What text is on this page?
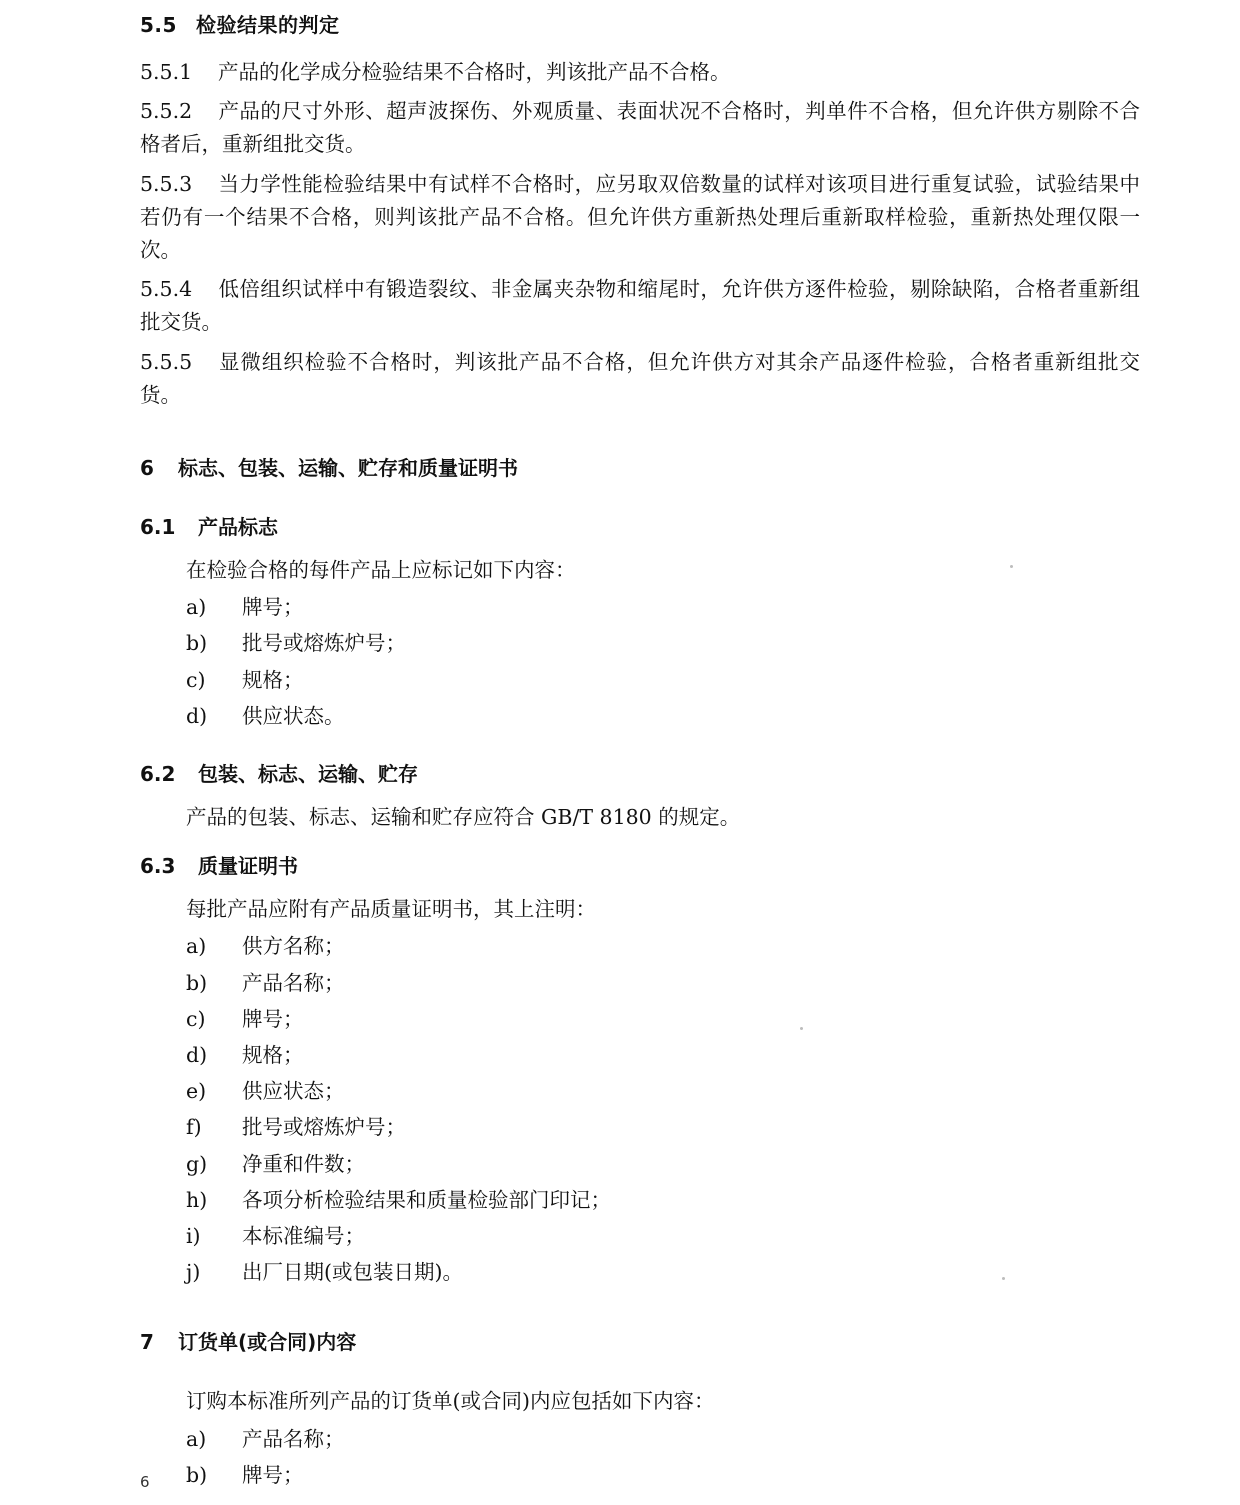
5.5 检验结果的判定

5.5.1 产品的化学成分检验结果不合格时，判该批产品不合格。

5.5.2 产品的尺寸外形、超声波探伤、外观质量、表面状况不合格时，判单件不合格，但允许供方剔除不合格者后，重新组批交货。

5.5.3 当力学性能检验结果中有试样不合格时，应另取双倍数量的试样对该项目进行重复试验，试验结果中若仍有一个结果不合格，则判该批产品不合格。但允许供方重新热处理后重新取样检验，重新热处理仅限一次。

5.5.4 低倍组织试样中有锻造裂纹、非金属夹杂物和缩尾时，允许供方逐件检验，剔除缺陷，合格者重新组批交货。

5.5.5 显微组织检验不合格时，判该批产品不合格，但允许供方对其余产品逐件检验，合格者重新组批交货。

6 标志、包装、运输、贮存和质量证明书
6.1 产品标志
在检验合格的每件产品上应标记如下内容：
a)	牌号；
b)	批号或熔炼炉号；
c)	规格；
d)	供应状态。
6.2 包装、标志、运输、贮存
产品的包装、标志、运输和贮存应符合 GB/T 8180 的规定。
6.3 质量证明书
每批产品应附有产品质量证明书，其上注明：
a)	供方名称；
b)	产品名称；
c)	牌号；
d)	规格；
e)	供应状态；
f)	批号或熔炼炉号；
g)	净重和件数；
h)	各项分析检验结果和质量检验部门印记；
i)	本标准编号；
j)	出厂日期(或包装日期)。
7 订货单(或合同)内容
订购本标准所列产品的订货单(或合同)内应包括如下内容：
a)	产品名称；
b)	牌号；
6
